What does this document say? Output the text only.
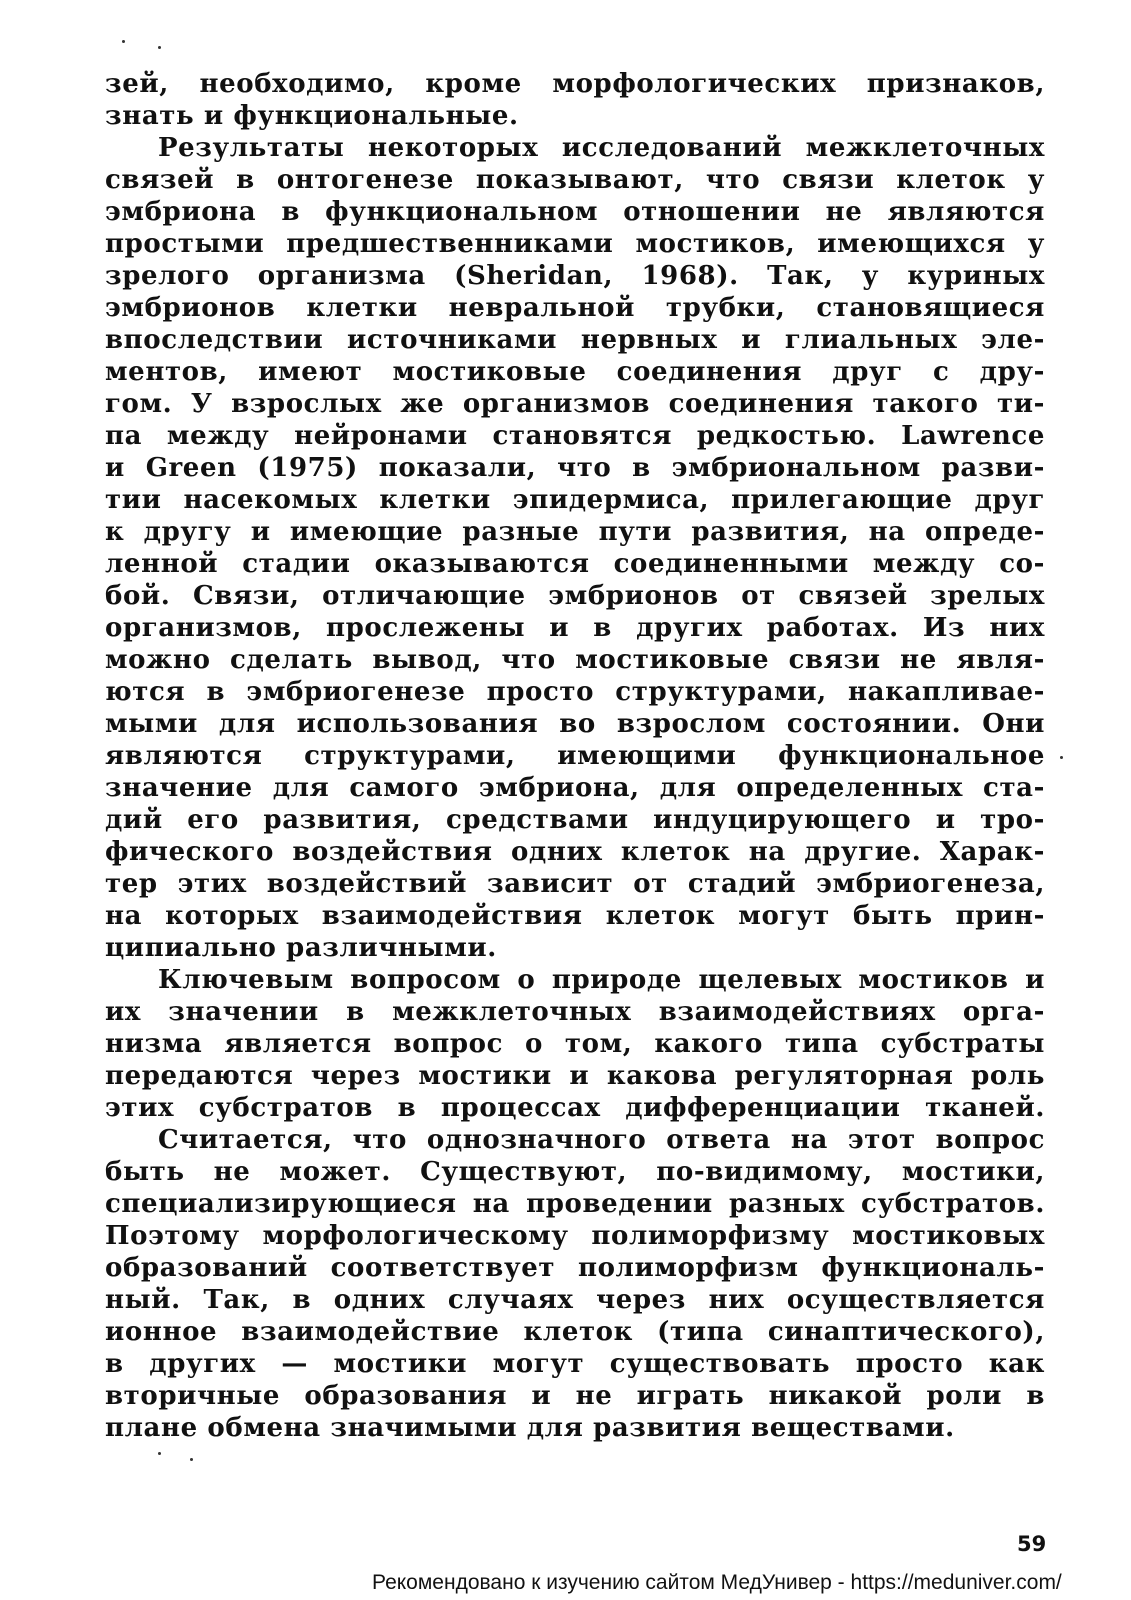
зей, необходимо, кроме морфологических признаков,
знать и функциональные.
Результаты некоторых исследований межклеточных
связей в онтогенезе показывают, что связи клеток у
эмбриона в функциональном отношении не являются
простыми предшественниками мостиков, имеющихся у
зрелого организма (Sheridan, 1968). Так, у куриных
эмбрионов клетки невральной трубки, становящиеся
впоследствии источниками нервных и глиальных эле-
ментов, имеют мостиковые соединения друг с дру-
гом. У взрослых же организмов соединения такого ти-
па между нейронами становятся редкостью. Lawrence
и Green (1975) показали, что в эмбриональном разви-
тии насекомых клетки эпидермиса, прилегающие друг
к другу и имеющие разные пути развития, на опреде-
ленной стадии оказываются соединенными между со-
бой. Связи, отличающие эмбрионов от связей зрелых
организмов, прослежены и в других работах. Из них
можно сделать вывод, что мостиковые связи не явля-
ются в эмбриогенезе просто структурами, накапливае-
мыми для использования во взрослом состоянии. Они
являются структурами, имеющими функциональное
значение для самого эмбриона, для определенных ста-
дий его развития, средствами индуцирующего и тро-
фического воздействия одних клеток на другие. Харак-
тер этих воздействий зависит от стадий эмбриогенеза,
на которых взаимодействия клеток могут быть прин-
ципиально различными.
Ключевым вопросом о природе щелевых мостиков и
их значении в межклеточных взаимодействиях орга-
низма является вопрос о том, какого типа субстраты
передаются через мостики и какова регуляторная роль
этих субстратов в процессах дифференциации тканей.
Считается, что однозначного ответа на этот вопрос
быть не может. Существуют, по-видимому, мостики,
специализирующиеся на проведении разных субстратов.
Поэтому морфологическому полиморфизму мостиковых
образований соответствует полиморфизм функциональ-
ный. Так, в одних случаях через них осуществляется
ионное взаимодействие клеток (типа синаптического),
в других — мостики могут существовать просто как
вторичные образования и не играть никакой роли в
плане обмена значимыми для развития веществами.
59
Рекомендовано к изучению сайтом МедУнивер - https://meduniver.com/
